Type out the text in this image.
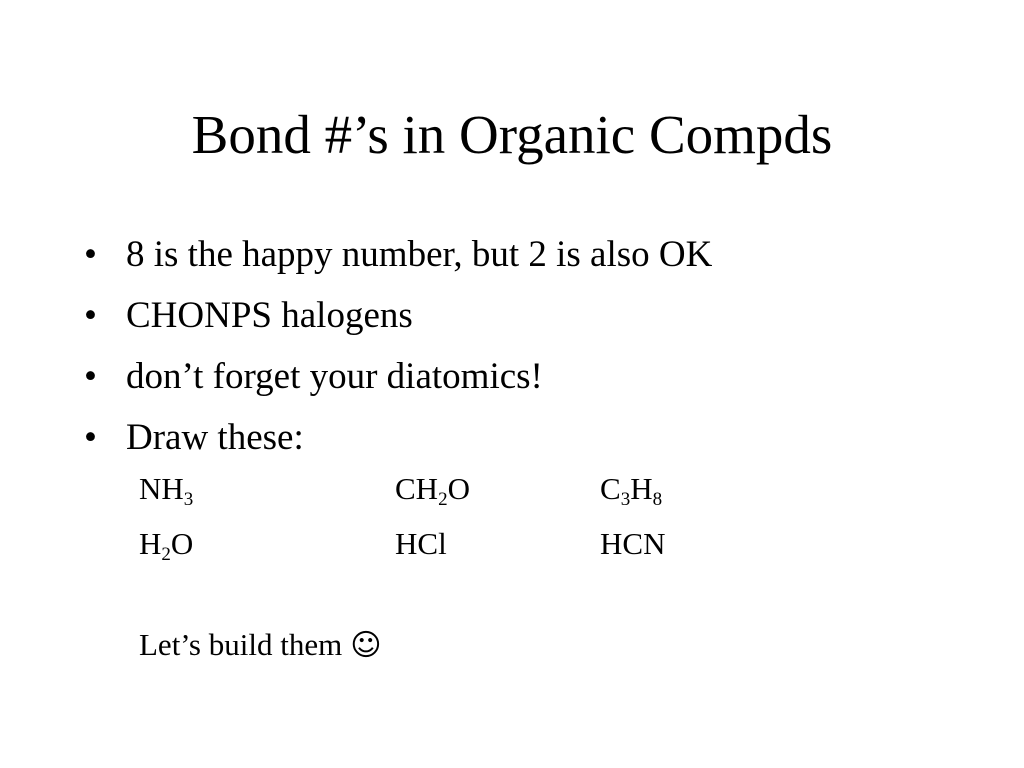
Bond #’s in Organic Compds
• 8 is the happy number, but 2 is also OK
• CHONPS halogens
• don’t forget your diatomics!
• Draw these:
$NH_3$	$CH_2O$	$C_3H_8$
$H_2O$	HCl	HCN
Let’s build them ☺
